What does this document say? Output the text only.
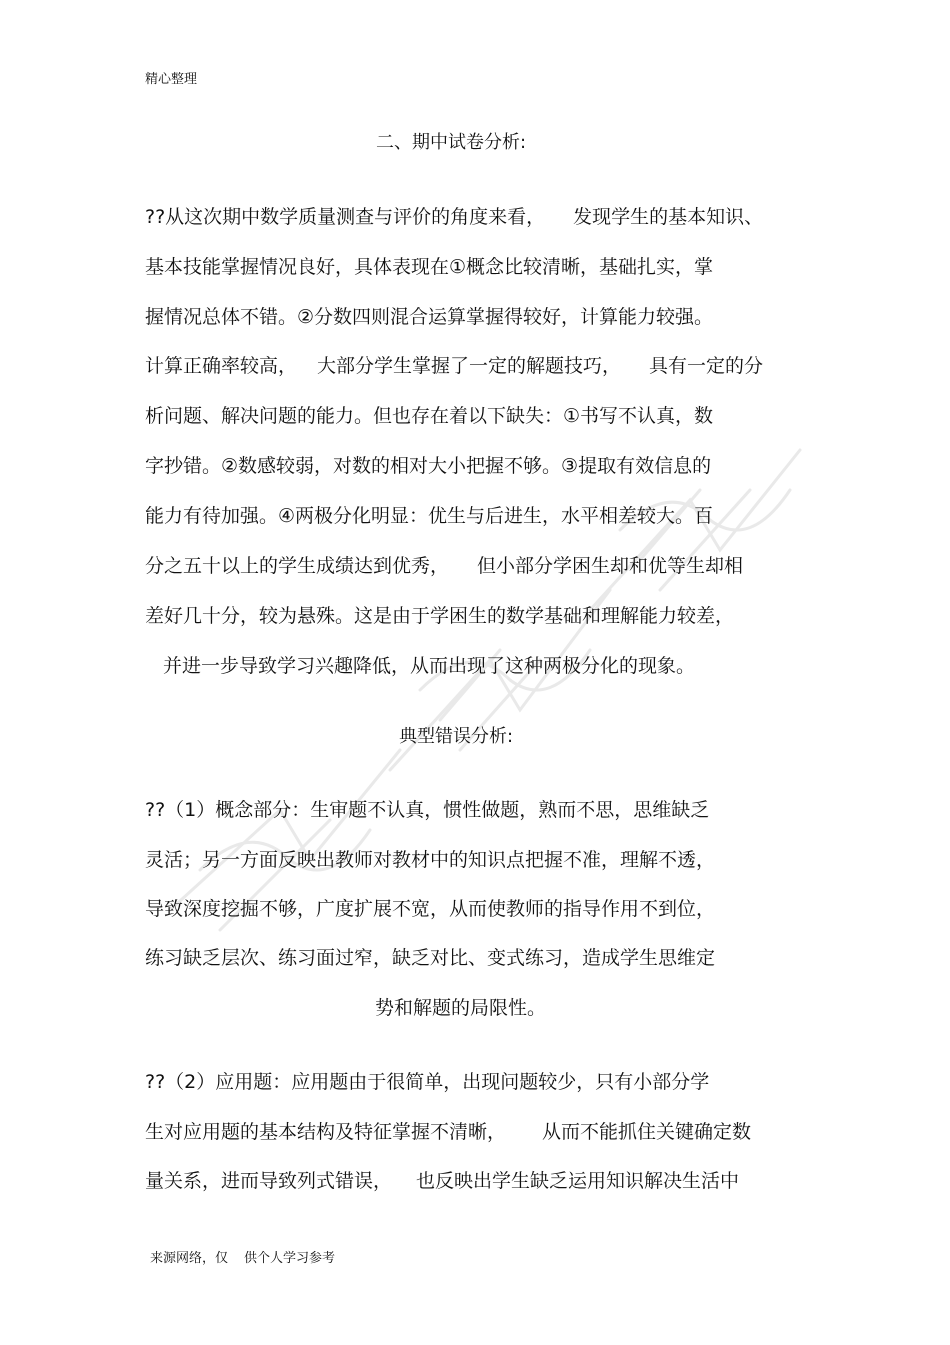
精心整理
二、期中试卷分析:
??从这次期中数学质量测查与评价的角度来看， 发现学生的基本知识、
基本技能掌握情况良好，具体表现在①概念比较清晰，基础扎实，掌
握情况总体不错。②分数四则混合运算掌握得较好，计算能力较强。
计算正确率较高， 大部分学生掌握了一定的解题技巧， 具有一定的分
析问题、解决问题的能力。但也存在着以下缺失：①书写不认真，数
字抄错。②数感较弱，对数的相对大小把握不够。③提取有效信息的
能力有待加强。④两极分化明显：优生与后进生，水平相差较大。百
分之五十以上的学生成绩达到优秀， 但小部分学困生却和优等生却相
差好几十分，较为悬殊。这是由于学困生的数学基础和理解能力较差，
并进一步导致学习兴趣降低，从而出现了这种两极分化的现象。
典型错误分析:
??（1）概念部分：生审题不认真，惯性做题，熟而不思，思维缺乏
灵活；另一方面反映出教师对教材中的知识点把握不准，理解不透，
导致深度挖掘不够，广度扩展不宽，从而使教师的指导作用不到位，
练习缺乏层次、练习面过窄，缺乏对比、变式练习，造成学生思维定
势和解题的局限性。
??（2）应用题：应用题由于很简单，出现问题较少，只有小部分学
生对应用题的基本结构及特征掌握不清晰， 从而不能抓住关键确定数
量关系，进而导致列式错误， 也反映出学生缺乏运用知识解决生活中
来源网络，仅 供个人学习参考
